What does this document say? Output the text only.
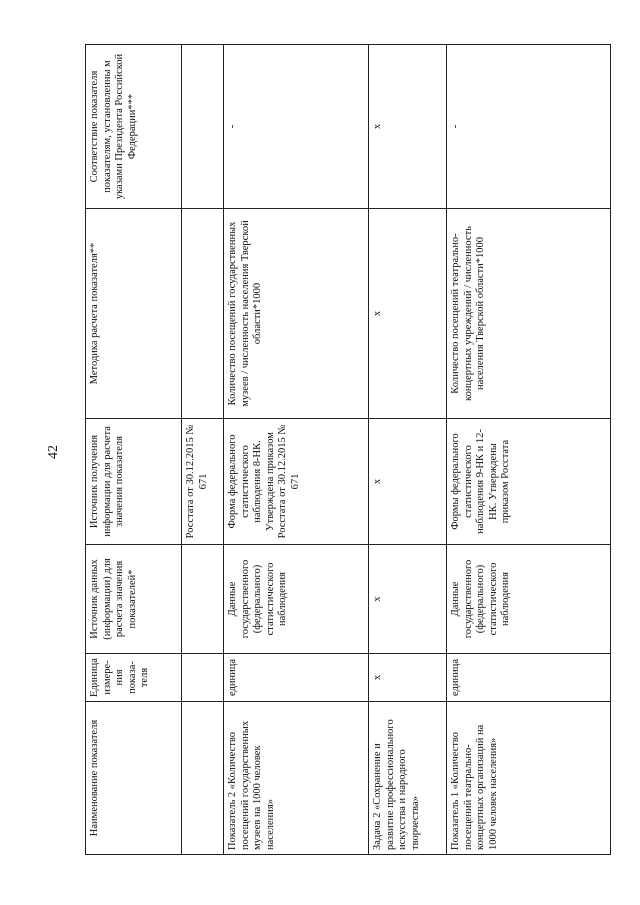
42
Наименование показателя	Единица измере-ния показа-теля	Источник данных (информации) для расчета значения показателей*	Источник получения информации для расчета значения показателя	Методика расчета показателя**	Соответствие показателя показателям, установленны м указами Президента Российской Федерации***
			Росстата от 30.12.2015 № 671		
Показатель 2 «Количество посещений государственных музеев на 1000 человек населения»	единица	Данные государственного (федерального) статистического наблюдения	Форма федерального статистического наблюдения 8-НК. Утверждена приказом Росстата от 30.12.2015 № 671	Количество посещений государственных музеев / численность населения Тверской области*1000	-
Задача 2 «Сохранение и развитие профессионального искусства и народного творчества»	х	х	х	х	х
Показатель 1 «Количество посещений театрально-концертных организаций на 1000 человек населения»	единица	Данные государственного (федерального) статистического наблюдения	Формы федерального статистического наблюдения 9-НК и 12-НК. Утверждены приказом Росстата	Количество посещений театрально-концертных учреждений / численность населения Тверской области*1000	-
